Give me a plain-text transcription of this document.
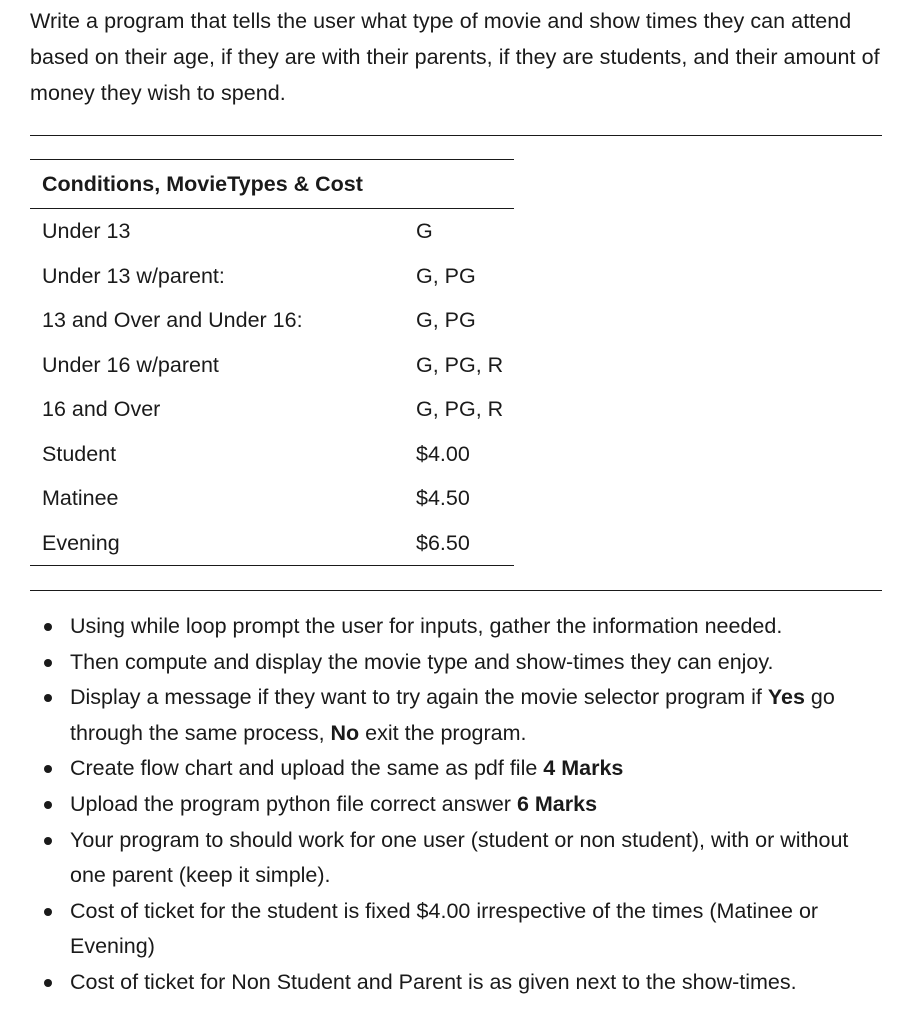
Write a program that tells the user what type of movie and show times they can attend based on their age, if they are with their parents, if they are students, and their amount of money they wish to spend.

Conditions, MovieTypes & Cost	
Under 13	G
Under 13 w/parent:	G, PG
13 and Over and Under 16:	G, PG
Under 16 w/parent	G, PG, R
16 and Over	G, PG, R
Student	$4.00
Matinee	$4.50
Evening	$6.50
Using while loop prompt the user for inputs, gather the information needed.
Then compute and display the movie type and show-times they can enjoy.
Display a message if they want to try again the movie selector program if Yes go through the same process, No exit the program.
Create flow chart and upload the same as pdf file 4 Marks
Upload the program python file correct answer 6 Marks
Your program to should work for one user (student or non student), with or without one parent (keep it simple).
Cost of ticket for the student is fixed $4.00 irrespective of the times (Matinee or Evening)
Cost of ticket for Non Student and Parent is as given next to the show-times.
